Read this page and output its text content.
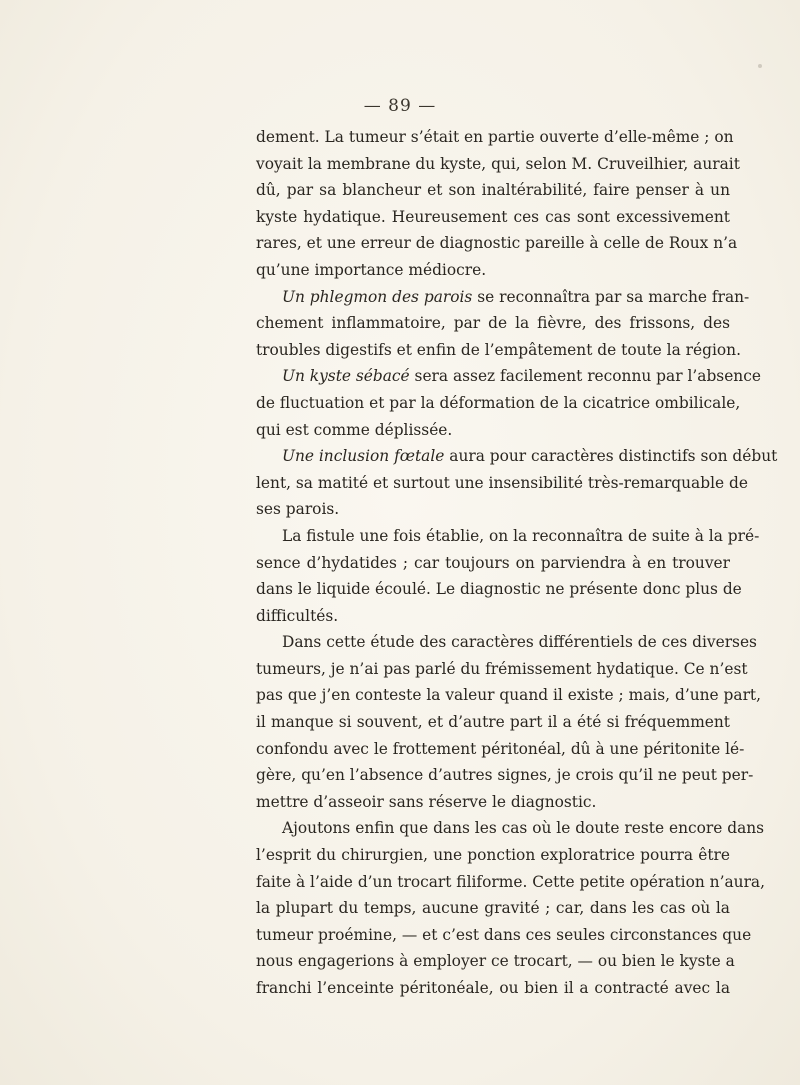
— 89 —
dement. La tumeur s’était en partie ouverte d’elle-même ; on
voyait la membrane du kyste, qui, selon M. Cruveilhier, aurait
dû, par sa blancheur et son inaltérabilité, faire penser à un
kyste hydatique. Heureusement ces cas sont excessivement
rares, et une erreur de diagnostic pareille à celle de Roux n’a
qu’une importance médiocre.
Un phlegmon des parois se reconnaîtra par sa marche fran-
chement inflammatoire, par de la fièvre, des frissons, des
troubles digestifs et enfin de l’empâtement de toute la région.
Un kyste sébacé sera assez facilement reconnu par l’absence
de fluctuation et par la déformation de la cicatrice ombilicale,
qui est comme déplissée.
Une inclusion fœtale aura pour caractères distinctifs son début
lent, sa matité et surtout une insensibilité très-remarquable de
ses parois.
La fistule une fois établie, on la reconnaîtra de suite à la pré-
sence d’hydatides ; car toujours on parviendra à en trouver
dans le liquide écoulé. Le diagnostic ne présente donc plus de
difficultés.
Dans cette étude des caractères différentiels de ces diverses
tumeurs, je n’ai pas parlé du frémissement hydatique. Ce n’est
pas que j’en conteste la valeur quand il existe ; mais, d’une part,
il manque si souvent, et d’autre part il a été si fréquemment
confondu avec le frottement péritonéal, dû à une péritonite lé-
gère, qu’en l’absence d’autres signes, je crois qu’il ne peut per-
mettre d’asseoir sans réserve le diagnostic.
Ajoutons enfin que dans les cas où le doute reste encore dans
l’esprit du chirurgien, une ponction exploratrice pourra être
faite à l’aide d’un trocart filiforme. Cette petite opération n’aura,
la plupart du temps, aucune gravité ; car, dans les cas où la
tumeur proémine, — et c’est dans ces seules circonstances que
nous engagerions à employer ce trocart, — ou bien le kyste a
franchi l’enceinte péritonéale, ou bien il a contracté avec la
